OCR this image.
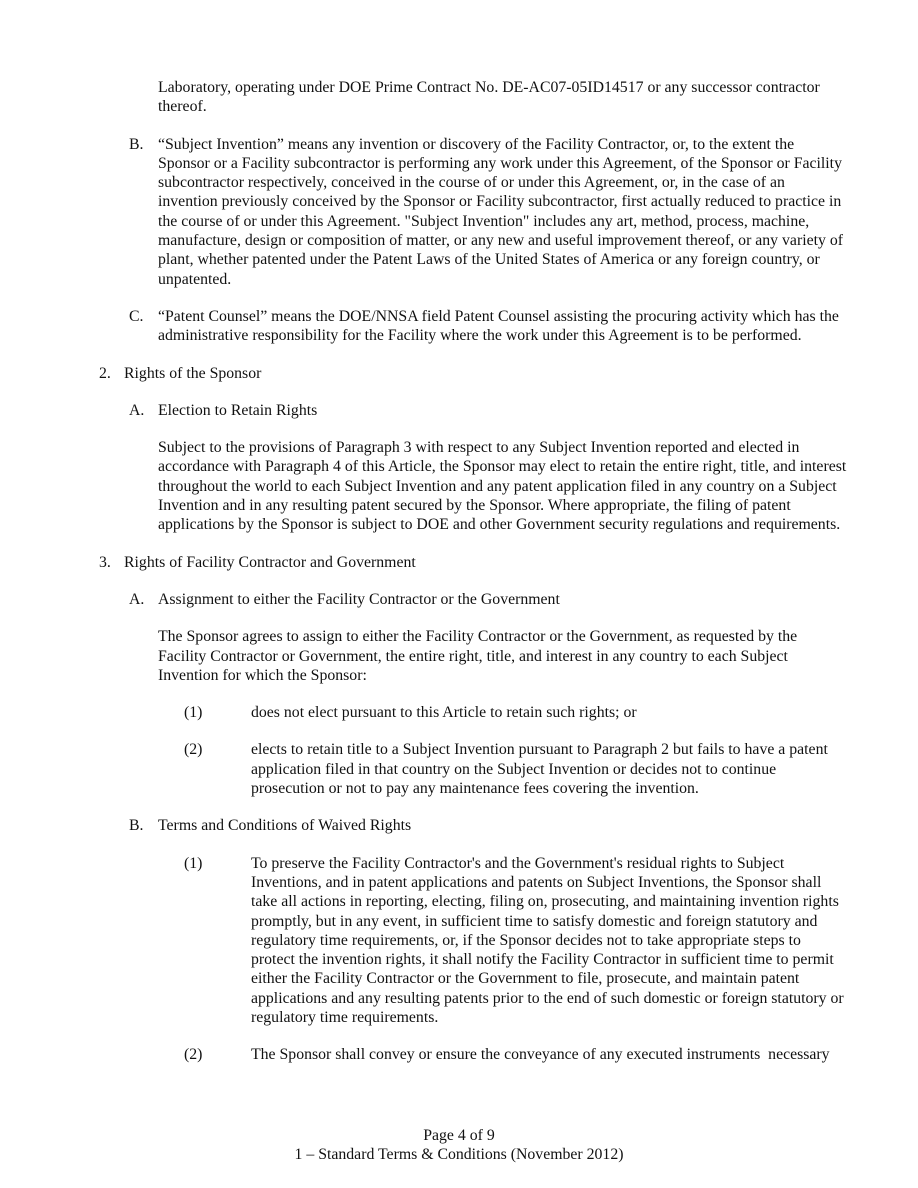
Laboratory, operating under DOE Prime Contract No. DE-AC07-05ID14517 or any successor contractor thereof.
B. “Subject Invention” means any invention or discovery of the Facility Contractor, or, to the extent the Sponsor or a Facility subcontractor is performing any work under this Agreement, of the Sponsor or Facility subcontractor respectively, conceived in the course of or under this Agreement, or, in the case of an invention previously conceived by the Sponsor or Facility subcontractor, first actually reduced to practice in the course of or under this Agreement. "Subject Invention" includes any art, method, process, machine, manufacture, design or composition of matter, or any new and useful improvement thereof, or any variety of plant, whether patented under the Patent Laws of the United States of America or any foreign country, or unpatented.
C. “Patent Counsel” means the DOE/NNSA field Patent Counsel assisting the procuring activity which has the administrative responsibility for the Facility where the work under this Agreement is to be performed.
2. Rights of the Sponsor
A. Election to Retain Rights
Subject to the provisions of Paragraph 3 with respect to any Subject Invention reported and elected in accordance with Paragraph 4 of this Article, the Sponsor may elect to retain the entire right, title, and interest throughout the world to each Subject Invention and any patent application filed in any country on a Subject Invention and in any resulting patent secured by the Sponsor. Where appropriate, the filing of patent applications by the Sponsor is subject to DOE and other Government security regulations and requirements.
3. Rights of Facility Contractor and Government
A. Assignment to either the Facility Contractor or the Government
The Sponsor agrees to assign to either the Facility Contractor or the Government, as requested by the Facility Contractor or Government, the entire right, title, and interest in any country to each Subject Invention for which the Sponsor:
(1)	does not elect pursuant to this Article to retain such rights; or
(2)	elects to retain title to a Subject Invention pursuant to Paragraph 2 but fails to have a patent application filed in that country on the Subject Invention or decides not to continue prosecution or not to pay any maintenance fees covering the invention.
B. Terms and Conditions of Waived Rights
(1)	To preserve the Facility Contractor's and the Government's residual rights to Subject Inventions, and in patent applications and patents on Subject Inventions, the Sponsor shall take all actions in reporting, electing, filing on, prosecuting, and maintaining invention rights promptly, but in any event, in sufficient time to satisfy domestic and foreign statutory and regulatory time requirements, or, if the Sponsor decides not to take appropriate steps to protect the invention rights, it shall notify the Facility Contractor in sufficient time to permit either the Facility Contractor or the Government to file, prosecute, and maintain patent applications and any resulting patents prior to the end of such domestic or foreign statutory or regulatory time requirements.
(2)	The Sponsor shall convey or ensure the conveyance of any executed instruments  necessary
Page 4 of 9
1 – Standard Terms & Conditions (November 2012)
